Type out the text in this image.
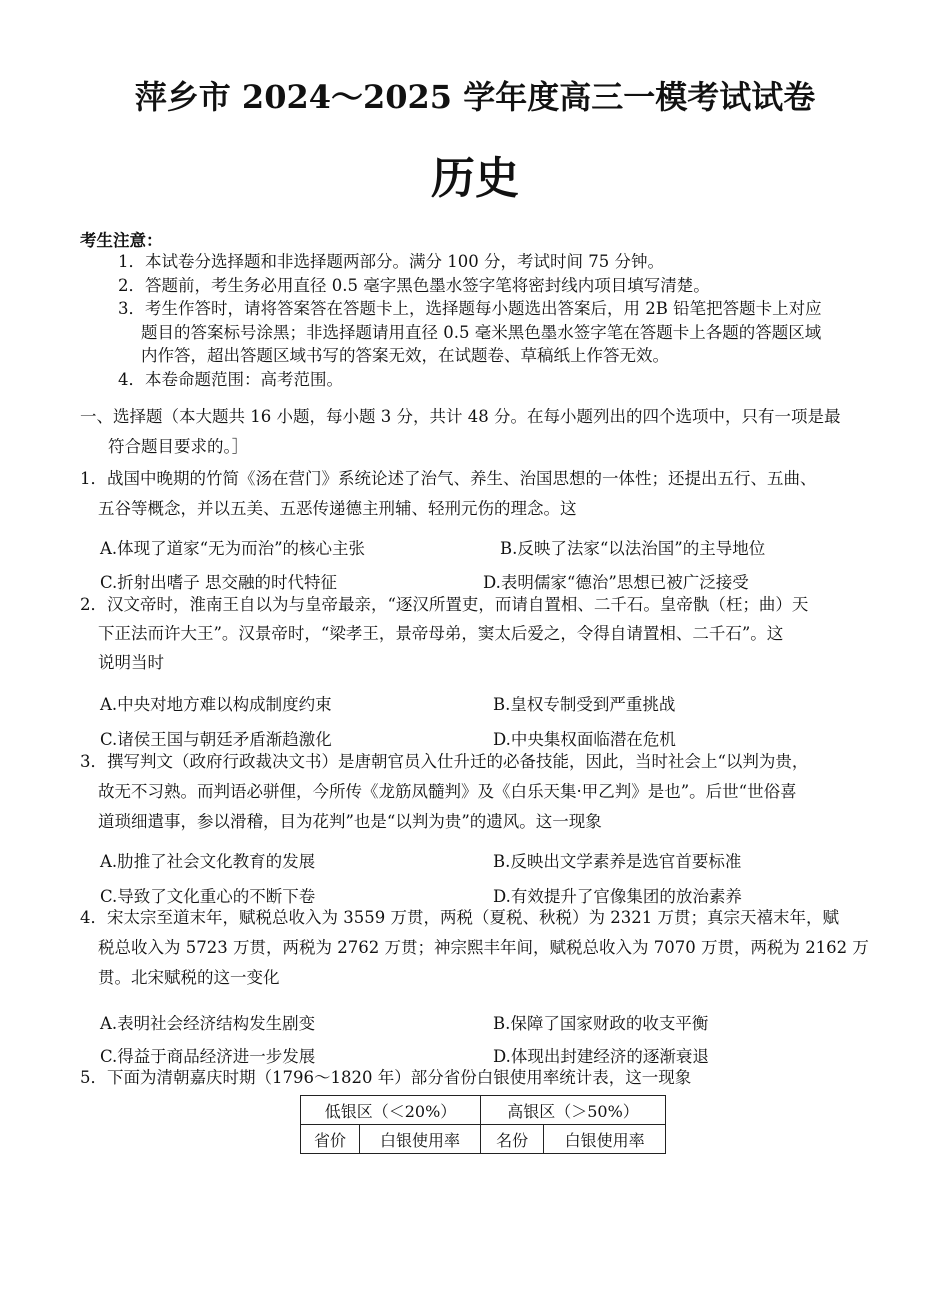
萍乡市 2024～2025 学年度高三一模考试试卷
历史
考生注意：
1．本试卷分选择题和非选择题两部分。满分 100 分，考试时间 75 分钟。
2．答题前，考生务必用直径 0.5 毫字黑色墨水签字笔将密封线内项目填写清楚。
3．考生作答时，请将答案答在答题卡上，选择题每小题选出答案后，用 2B 铅笔把答题卡上对应
题目的答案标号涂黑；非选择题请用直径 0.5 毫米黑色墨水签字笔在答题卡上各题的答题区域
内作答，超出答题区域书写的答案无效，在试题卷、草稿纸上作答无效。
4．本卷命题范围：高考范围。
一、选择题（本大题共 16 小题，每小题 3 分，共计 48 分。在每小题列出的四个选项中，只有一项是最
符合题目要求的。］
1．战国中晚期的竹简《汤在营门》系统论述了治气、养生、治国思想的一体性；还提出五行、五曲、
五谷等概念，并以五美、五恶传递德主刑辅、轻刑元伤的理念。这
A.体现了道家“无为而治”的核心主张	B.反映了法家“以法治国”的主导地位
C.折射出嗜子 思交融的时代特征	D.表明儒家“德治”思想已被广泛接受
2．汉文帝时，淮南王自以为与皇帝最亲，“逐汉所置吏，而请自置相、二千石。皇帝骫（枉；曲）天
下正法而许大王”。汉景帝时，“梁孝王，景帝母弟，窦太后爱之，令得自请置相、二千石”。这
说明当时
A.中央对地方难以构成制度约束	B.皇权专制受到严重挑战
C.诸侯王国与朝廷矛盾渐趋激化	D.中央集权面临潜在危机
3．撰写判文（政府行政裁决文书）是唐朝官员入仕升迁的必备技能，因此，当时社会上“以判为贵，
故无不习熟。而判语必骈俚，今所传《龙筋凤髓判》及《白乐天集·甲乙判》是也”。后世“世俗喜
道琐细遣事，参以滑稽，目为花判”也是“以判为贵”的遗风。这一现象
A.肋推了社会文化教育的发展	B.反映出文学素养是选官首要标准
C.导致了文化重心的不断下卷	D.有效提升了官像集团的放治素养
4．宋太宗至道末年，赋税总收入为 3559 万贯，两税（夏税、秋税）为 2321 万贯；真宗天禧末年，赋
税总收入为 5723 万贯，两税为 2762 万贯；神宗熙丰年间，赋税总收入为 7070 万贯，两税为 2162 万
贯。北宋赋税的这一变化
A.表明社会经济结构发生剧变	B.保障了国家财政的收支平衡
C.得益于商品经济进一步发展	D.体现出封建经济的逐渐衰退
5．下面为清朝嘉庆时期（1796～1820 年）部分省份白银使用率统计表，这一现象
低银区（＜20%）		高银区（＞50%）	
省价	白银使用率	名份	白银使用率
